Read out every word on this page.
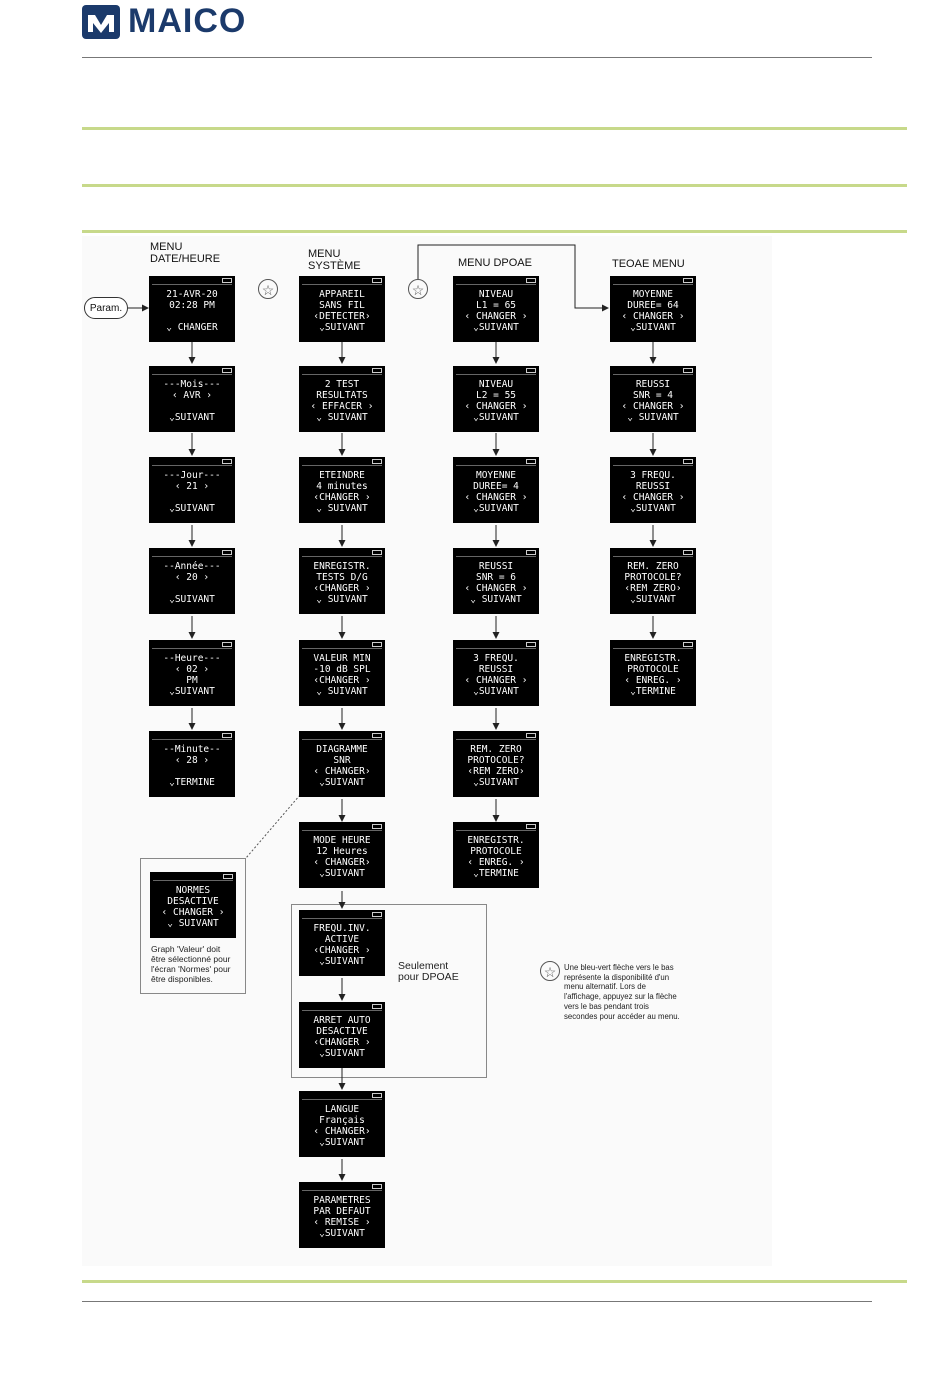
MAICO
MENU
DATE/HEURE	MENU
SYSTÈME	MENU DPOAE	TEOAE MENU
Param.
☆	☆
☆
Graph 'Valeur' doit
être sélectionné pour
l'écran 'Normes' pour
être disponibles.
Seulement
pour DPOAE
Une bleu-vert flèche vers le bas
représente la disponibilité d'un
menu alternatif. Lors de
l'affichage, appuyez sur la flèche
vers le bas pendant trois
secondes pour accéder au menu.
21-AVR-20
02:28 PM
⌄ CHANGER
---Mois---
‹ AVR ›
⌄SUIVANT
---Jour---
‹ 21 ›
⌄SUIVANT
--Année---
‹ 20 ›
⌄SUIVANT
--Heure---
‹ 02 ›
PM
⌄SUIVANT
--Minute--
‹ 28 ›
⌄TERMINE
APPAREIL
SANS FIL
‹DETECTER›
⌄SUIVANT
2 TEST
RESULTATS
‹ EFFACER ›
⌄ SUIVANT
ETEINDRE
4 minutes
‹CHANGER ›
⌄ SUIVANT
ENREGISTR.
TESTS D/G
‹CHANGER ›
⌄ SUIVANT
VALEUR MIN
-10 dB SPL
‹CHANGER ›
⌄ SUIVANT
DIAGRAMME
SNR
‹ CHANGER›
⌄SUIVANT
MODE HEURE
12 Heures
‹ CHANGER›
⌄SUIVANT
FREQU.INV.
ACTIVE
‹CHANGER ›
⌄SUIVANT
ARRET AUTO
DESACTIVE
‹CHANGER ›
⌄SUIVANT
LANGUE
Français
‹ CHANGER›
⌄SUIVANT
PARAMETRES
PAR DEFAUT
‹ REMISE ›
⌄SUIVANT
NIVEAU
L1 = 65
‹ CHANGER ›
⌄SUIVANT
NIVEAU
L2 = 55
‹ CHANGER ›
⌄SUIVANT
MOYENNE
DUREE= 4
‹ CHANGER ›
⌄SUIVANT
REUSSI
SNR = 6
‹ CHANGER ›
⌄ SUIVANT
3 FREQU.
REUSSI
‹ CHANGER ›
⌄SUIVANT
REM. ZERO
PROTOCOLE?
‹REM ZERO›
⌄SUIVANT
ENREGISTR.
PROTOCOLE
‹ ENREG. ›
⌄TERMINE
MOYENNE
DUREE= 64
‹ CHANGER ›
⌄SUIVANT
REUSSI
SNR = 4
‹ CHANGER ›
⌄ SUIVANT
3 FREQU.
REUSSI
‹ CHANGER ›
⌄SUIVANT
REM. ZERO
PROTOCOLE?
‹REM ZERO›
⌄SUIVANT
ENREGISTR.
PROTOCOLE
‹ ENREG. ›
⌄TERMINE
NORMES
DESACTIVE
‹ CHANGER ›
⌄ SUIVANT
